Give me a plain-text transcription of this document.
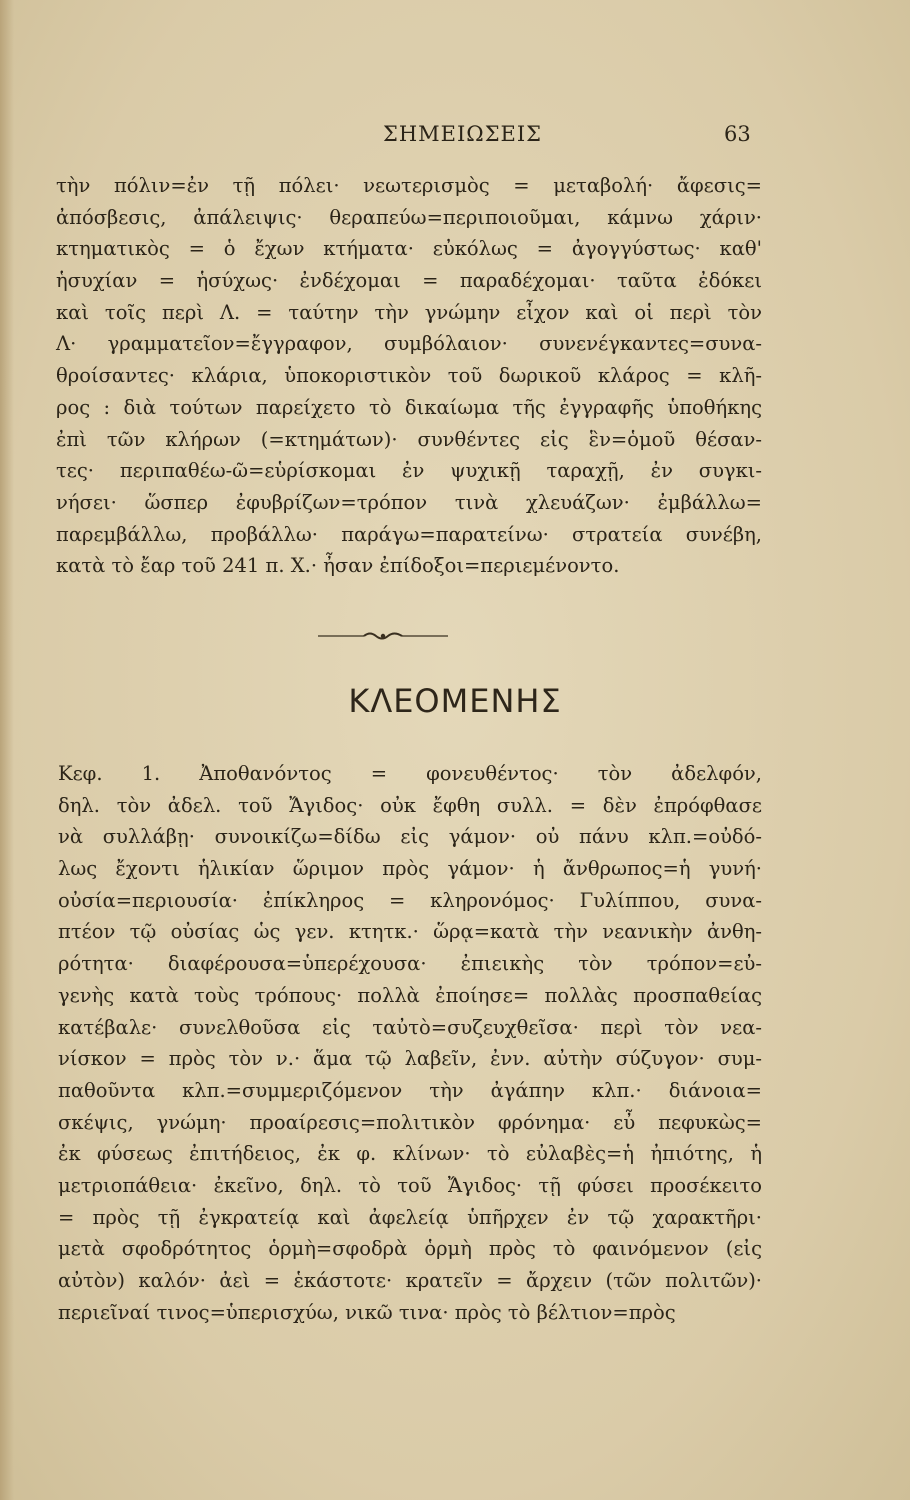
ΣΗΜΕΙΩΣΕΙΣ	63
τὴν πόλιν=ἐν τῇ πόλει· νεωτερισμὸς = μεταβολή· ἄφεσις=
ἀπόσβεσις, ἀπάλειψις· θεραπεύω=περιποιοῦμαι, κάμνω χάριν·
κτηματικὸς = ὁ ἔχων κτήματα· εὐκόλως = ἀγογγύστως· καθ'
ἡσυχίαν = ἡσύχως· ἐνδέχομαι = παραδέχομαι· ταῦτα ἐδόκει
καὶ τοῖς περὶ Λ. = ταύτην τὴν γνώμην εἶχον καὶ οἱ περὶ τὸν
Λ· γραμματεῖον=ἔγγραφον, συμβόλαιον· συνενέγκαντες=συνα-
θροίσαντες· κλάρια, ὑποκοριστικὸν τοῦ δωρικοῦ κλάρος = κλῆ-
ρος : διὰ τούτων παρείχετο τὸ δικαίωμα τῆς ἐγγραφῆς ὑποθήκης
ἐπὶ τῶν κλήρων (=κτημάτων)· συνθέντες εἰς ἓν=ὁμοῦ θέσαν-
τες· περιπαθέω-ῶ=εὑρίσκομαι ἐν ψυχικῇ ταραχῇ, ἐν συγκι-
νήσει· ὥσπερ ἐφυβρίζων=τρόπον τινὰ χλευάζων· ἐμβάλλω=
παρεμβάλλω, προβάλλω· παράγω=παρατείνω· στρατεία συνέβη,
κατὰ τὸ ἔαρ τοῦ 241 π. Χ.· ἦσαν ἐπίδοξοι=περιεμένοντο.
ΚΛΕΟΜΕΝΗΣ
Κεφ. 1. Ἀποθανόντος = φονευθέντος· τὸν ἀδελφόν,
δηλ. τὸν ἀδελ. τοῦ Ἄγιδος· οὐκ ἔφθη συλλ. = δὲν ἐπρόφθασε
νὰ συλλάβῃ· συνοικίζω=δίδω εἰς γάμον· οὐ πάνυ κλπ.=οὐδό-
λως ἔχοντι ἡλικίαν ὥριμον πρὸς γάμον· ἡ ἄνθρωπος=ἡ γυνή·
οὐσία=περιουσία· ἐπίκληρος = κληρονόμος· Γυλίππου, συνα-
πτέον τῷ οὐσίας ὡς γεν. κτητκ.· ὥρᾳ=κατὰ τὴν νεανικὴν ἀνθη-
ρότητα· διαφέρουσα=ὑπερέχουσα· ἐπιεικὴς τὸν τρόπον=εὐ-
γενὴς κατὰ τοὺς τρόπους· πολλὰ ἐποίησε= πολλὰς προσπαθείας
κατέβαλε· συνελθοῦσα εἰς ταὐτὸ=συζευχθεῖσα· περὶ τὸν νεα-
νίσκον = πρὸς τὸν ν.· ἅμα τῷ λαβεῖν, ἐνν. αὐτὴν σύζυγον· συμ-
παθοῦντα κλπ.=συμμεριζόμενον τὴν ἀγάπην κλπ.· διάνοια=
σκέψις, γνώμη· προαίρεσις=πολιτικὸν φρόνημα· εὖ πεφυκὼς=
ἐκ φύσεως ἐπιτήδειος, ἐκ φ. κλίνων· τὸ εὐλαβὲς=ἡ ἠπιότης, ἡ
μετριοπάθεια· ἐκεῖνο, δηλ. τὸ τοῦ Ἄγιδος· τῇ φύσει προσέκειτο
= πρὸς τῇ ἐγκρατείᾳ καὶ ἀφελείᾳ ὑπῆρχεν ἐν τῷ χαρακτῆρι·
μετὰ σφοδρότητος ὁρμὴ=σφοδρὰ ὁρμὴ πρὸς τὸ φαινόμενον (εἰς
αὐτὸν) καλόν· ἀεὶ = ἑκάστοτε· κρατεῖν = ἄρχειν (τῶν πολιτῶν)·
περιεῖναί τινος=ὑπερισχύω, νικῶ τινα· πρὸς τὸ βέλτιον=πρὸς
